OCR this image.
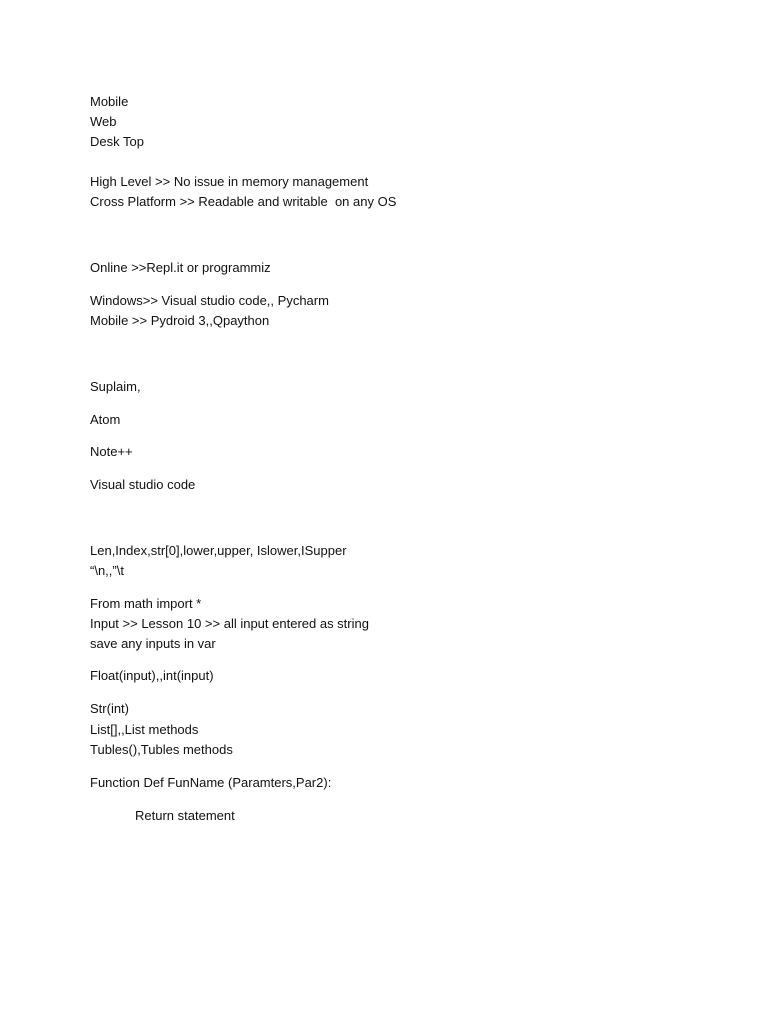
Mobile
Web
Desk Top
High Level >> No issue in memory management
Cross Platform >> Readable and writable  on any OS
Online >>Repl.it or programmiz
Windows>> Visual studio code,, Pycharm
Mobile >> Pydroid 3,,Qpaython
Suplaim,
Atom
Note++
Visual studio code
Len,Index,str[0],lower,upper, Islower,ISupper
“\n,,”\t
From math import *
Input >> Lesson 10 >> all input entered as string
save any inputs in var
Float(input),,int(input)
Str(int)
List[],,List methods
Tubles(),Tubles methods
Function Def FunName (Paramters,Par2):
Return statement
